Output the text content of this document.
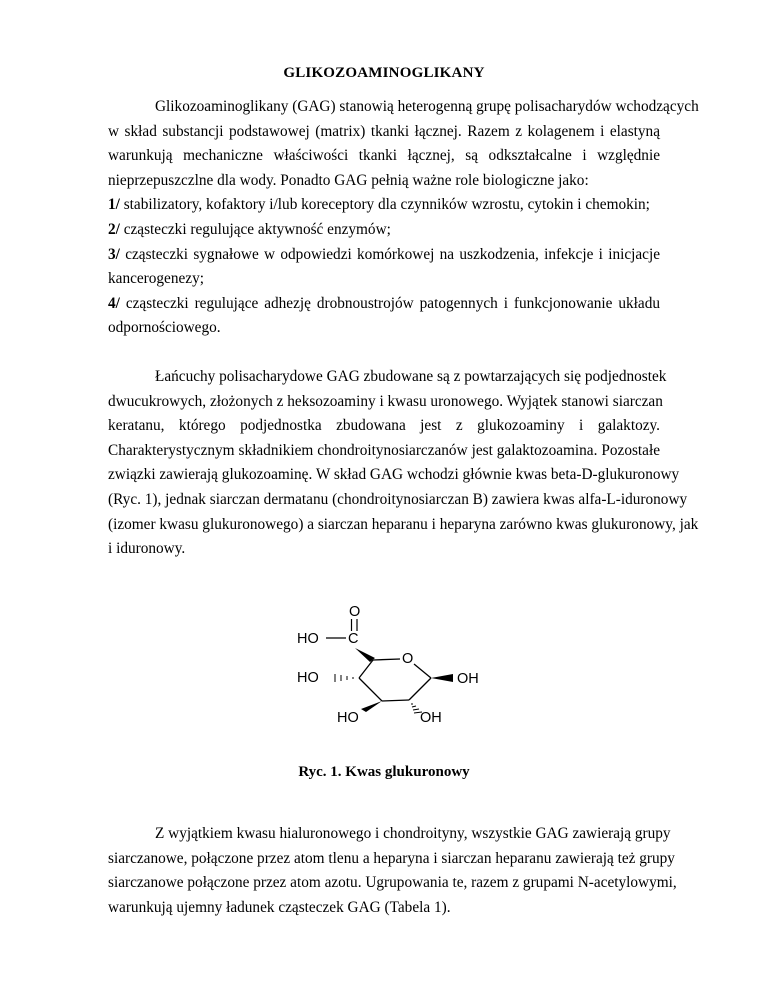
GLIKOZOAMINOGLIKANY
Glikozoaminoglikany (GAG) stanowią heterogenną grupę polisacharydów wchodzących
w skład substancji podstawowej (matrix) tkanki łącznej. Razem z kolagenem i elastyną
warunkują mechaniczne właściwości tkanki łącznej, są odkształcalne i względnie
nieprzepuszczlne dla wody. Ponadto GAG pełnią ważne role biologiczne jako:
1/ stabilizatory, kofaktory i/lub koreceptory dla czynników wzrostu, cytokin i chemokin;
2/ cząsteczki regulujące aktywność enzymów;
3/ cząsteczki sygnałowe w odpowiedzi komórkowej na uszkodzenia, infekcje i inicjacje
kancerogenezy;
4/ cząsteczki regulujące adhezję drobnoustrojów patogennych i funkcjonowanie układu
odpornościowego.
Łańcuchy polisacharydowe GAG zbudowane są z powtarzających się podjednostek
dwucukrowych, złożonych z heksozoaminy i kwasu uronowego. Wyjątek stanowi siarczan
keratanu, którego podjednostka zbudowana jest z glukozoaminy i galaktozy.
Charakterystycznym składnikiem chondroitynosiarczanów jest galaktozoamina. Pozostałe
związki zawierają glukozoaminę. W skład GAG wchodzi głównie kwas beta-D-glukuronowy
(Ryc. 1), jednak siarczan dermatanu (chondroitynosiarczan B) zawiera kwas alfa-L-iduronowy
(izomer kwasu glukuronowego) a siarczan heparanu i heparyna zarówno kwas glukuronowy, jak
i iduronowy.
O
HO C
O
HO	OH
HO	OH
Ryc. 1. Kwas glukuronowy
Z wyjątkiem kwasu hialuronowego i chondroityny, wszystkie GAG zawierają grupy
siarczanowe, połączone przez atom tlenu a heparyna i siarczan heparanu zawierają też grupy
siarczanowe połączone przez atom azotu. Ugrupowania te, razem z grupami N-acetylowymi,
warunkują ujemny ładunek cząsteczek GAG (Tabela 1).
